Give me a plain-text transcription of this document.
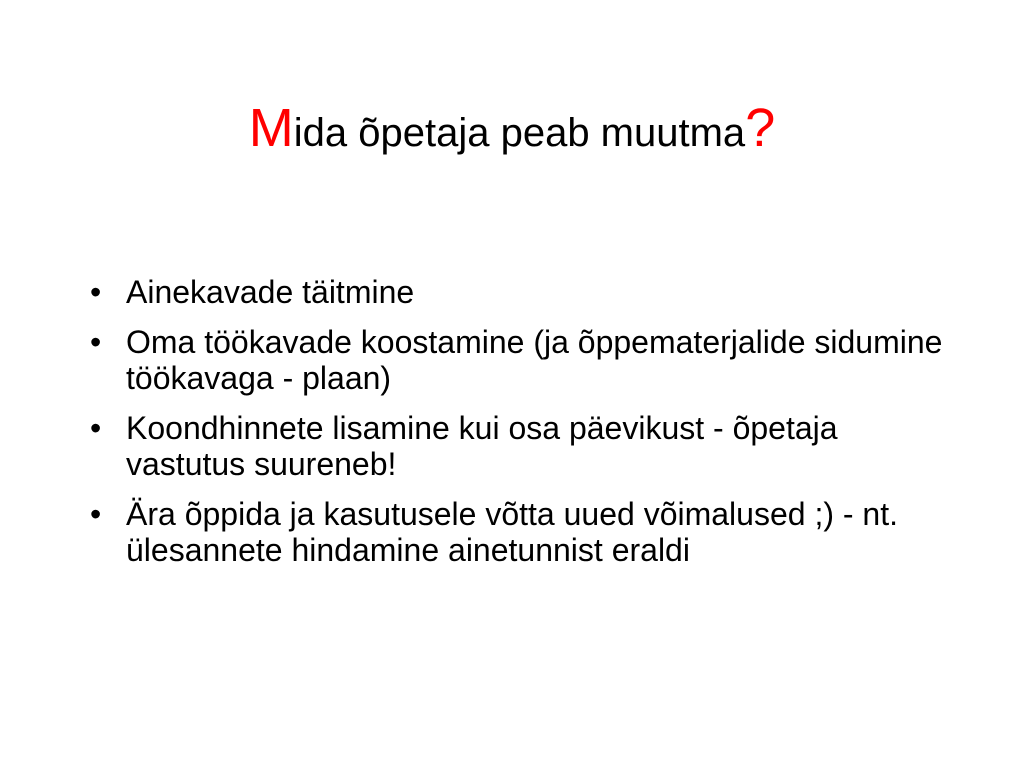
Mida õpetaja peab muutma?
• Ainekavade täitmine
• Oma töökavade koostamine (ja õppematerjalide sidumine töökavaga - plaan)
• Koondhinnete lisamine kui osa päevikust - õpetaja vastutus suureneb!
• Ära õppida ja kasutusele võtta uued võimalused ;) - nt. ülesannete hindamine ainetunnist eraldi
